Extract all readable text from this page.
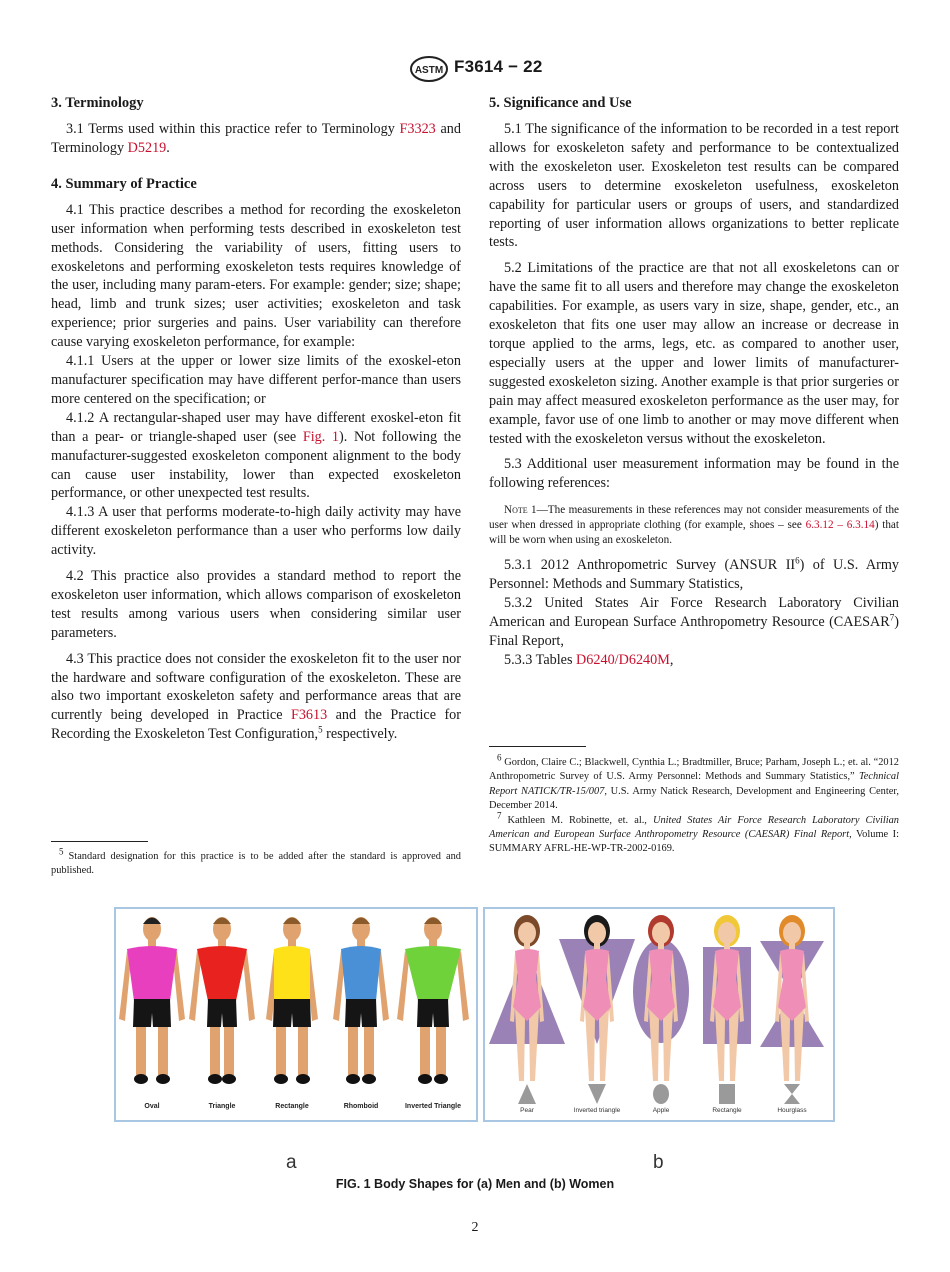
ASTM F3614 − 22
3. Terminology

3.1 Terms used within this practice refer to Terminology F3323 and Terminology D5219.

4. Summary of Practice

4.1 This practice describes a method for recording the exoskeleton user information when performing tests described in exoskeleton test methods. Considering the variability of users, fitting users to exoskeletons and performing exoskeleton tests requires knowledge of the user, including many param-eters. For example: gender; size; shape; head, limb and trunk sizes; user activities; exoskeleton and task experience; prior surgeries and pains. User variability can therefore cause varying exoskeleton performance, for example:

4.1.1 Users at the upper or lower size limits of the exoskel-eton manufacturer specification may have different perfor-mance than users more centered on the specification; or

4.1.2 A rectangular-shaped user may have different exoskel-eton fit than a pear- or triangle-shaped user (see Fig. 1). Not following the manufacturer-suggested exoskeleton component alignment to the body can cause user instability, lower than expected exoskeleton performance, or other unexpected test results.

4.1.3 A user that performs moderate-to-high daily activity may have different exoskeleton performance than a user who performs low daily activity.

4.2 This practice also provides a standard method to report the exoskeleton user information, which allows comparison of exoskeleton test results among various users when considering similar user parameters.

4.3 This practice does not consider the exoskeleton fit to the user nor the hardware and software configuration of the exoskeleton. These are also two important exoskeleton safety and performance areas that are currently being developed in Practice F3613 and the Practice for Recording the Exoskeleton Test Configuration,$^5$ respectively.

$^5$ Standard designation for this practice is to be added after the standard is approved and published.

5. Significance and Use

5.1 The significance of the information to be recorded in a test report allows for exoskeleton safety and performance to be contextualized with the exoskeleton user. Exoskeleton test results can be compared across users to determine exoskeleton usefulness, exoskeleton capability for particular users or groups of users, and standardized reporting of user information allows organizations to better replicate tests.

5.2 Limitations of the practice are that not all exoskeletons can or have the same fit to all users and therefore may change the exoskeleton capabilities. For example, as users vary in size, shape, gender, etc., an exoskeleton that fits one user may allow an increase or decrease in torque applied to the arms, legs, etc. as compared to another user, especially users at the upper and lower limits of manufacturer-suggested exoskeleton sizing. Another example is that prior surgeries or pain may affect measured exoskeleton performance as the user may, for example, favor use of one limb to another or may move different when tested with the exoskeleton versus without the exoskeleton.

5.3 Additional user measurement information may be found in the following references:

Note 1—The measurements in these references may not consider measurements of the user when dressed in appropriate clothing (for example, shoes – see 6.3.12 – 6.3.14) that will be worn when using an exoskeleton.

5.3.1 2012 Anthropometric Survey (ANSUR $II^6$) of U.S. Army Personnel: Methods and Summary Statistics,

5.3.2 United States Air Force Research Laboratory Civilian American and European Surface Anthropometry Resource (CAESAR$^7$) Final Report,

5.3.3 Tables D6240/D6240M,

$^6$ Gordon, Claire C.; Blackwell, Cynthia L.; Bradtmiller, Bruce; Parham, Joseph L.; et. al. “2012 Anthropometric Survey of U.S. Army Personnel: Methods and Summary Statistics,” Technical Report NATICK/TR-15/007, U.S. Army Natick Research, Development and Engineering Center, December 2014.

$^7$ Kathleen M. Robinette, et. al., United States Air Force Research Laboratory Civilian American and European Surface Anthropometry Resource (CAESAR) Final Report, Volume I: SUMMARY AFRL-HE-WP-TR-2002-0169.

Oval	Triangle	Rectangle	Rhomboid	Inverted Triangle
Pear	Inverted triangle	Apple	Rectangle	Hourglass
a	b
FIG. 1 Body Shapes for (a) Men and (b) Women
2
